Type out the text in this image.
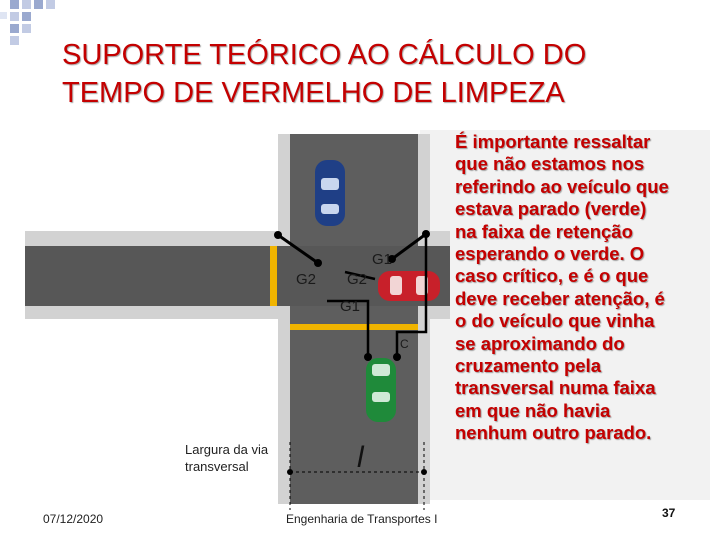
SUPORTE TEÓRICO AO CÁLCULO DO
TEMPO DE VERMELHO DE LIMPEZA
G2
G1
G2
G1
C
l
Largura da via
transversal
É importante ressaltar
que não estamos nos
referindo ao veículo que
estava parado (verde)
na faixa de retenção
esperando o verde. O
caso crítico, e é o que
deve receber atenção, é
o do veículo que vinha
se aproximando do
cruzamento pela
transversal numa faixa
em que não havia
nenhum outro parado.
07/12/2020	Engenharia de Transportes I	37
